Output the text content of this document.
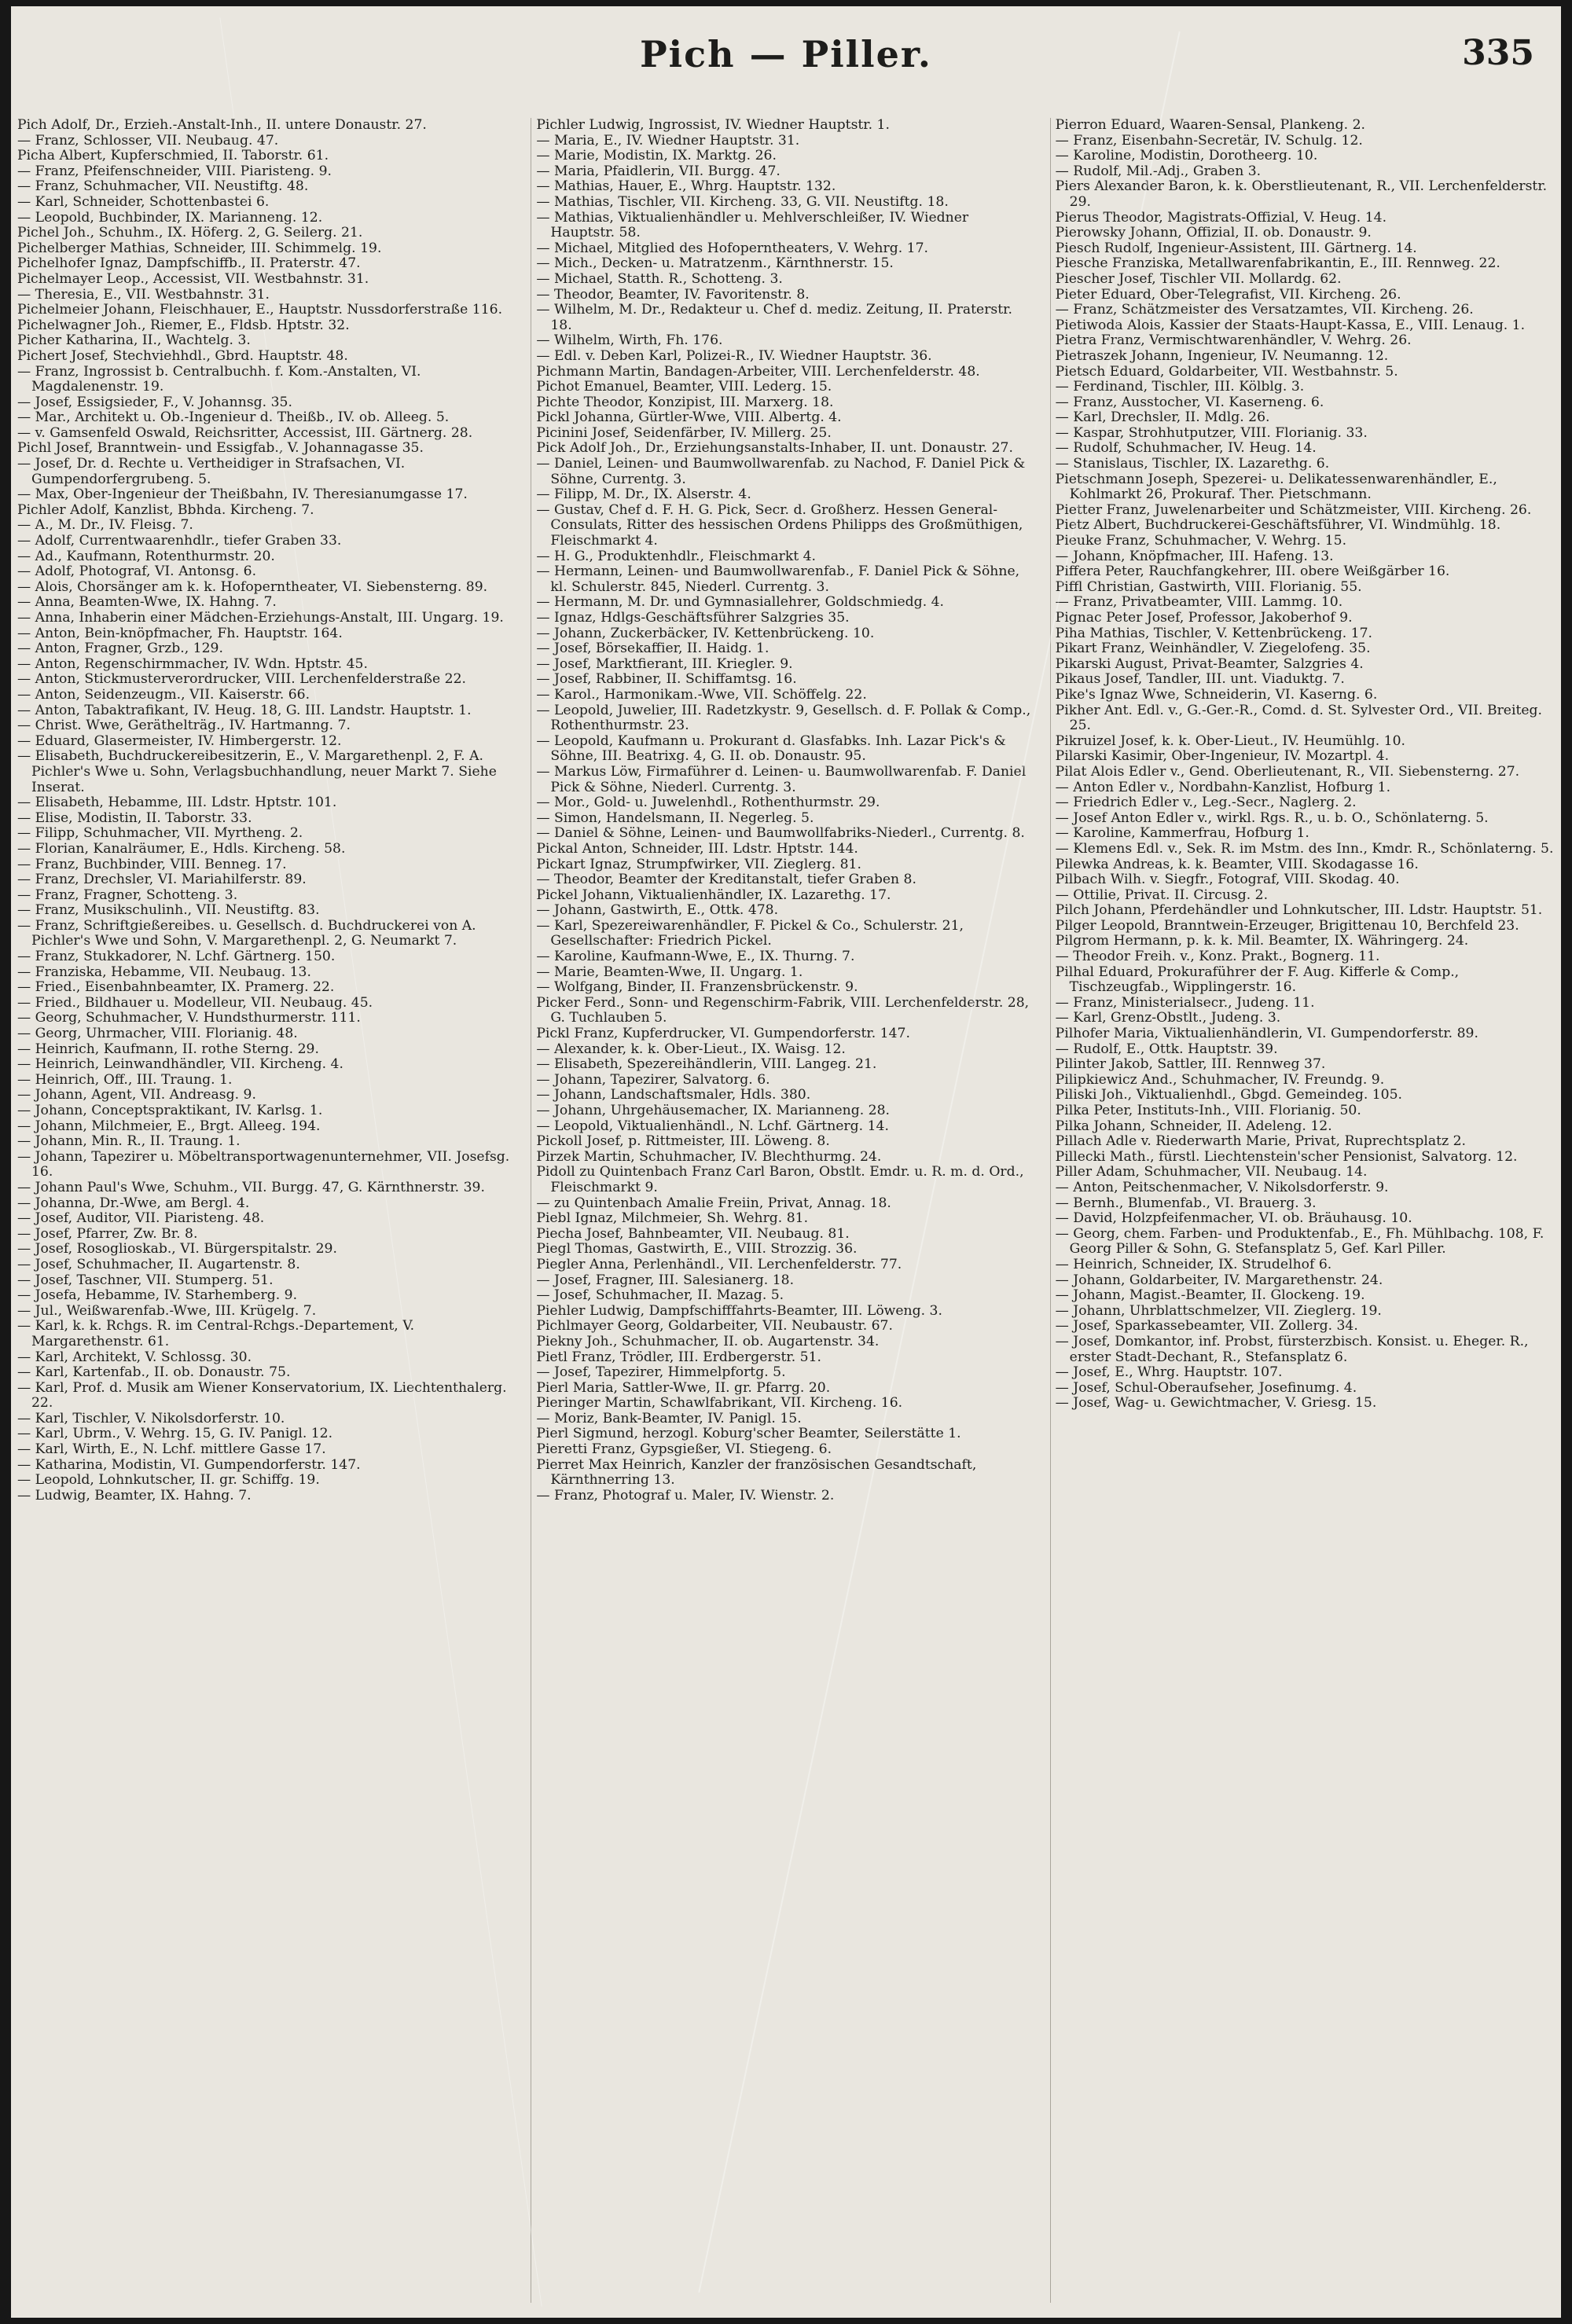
Pich — Piller.	335
Pich Adolf, Dr., Erzieh.-Anstalt-Inh., II. untere Donaustr. 27.
— Franz, Schlosser, VII. Neubaug. 47.
Picha Albert, Kupferschmied, II. Taborstr. 61.
— Franz, Pfeifenschneider, VIII. Piaristeng. 9.
— Franz, Schuhmacher, VII. Neustiftg. 48.
— Karl, Schneider, Schottenbastei 6.
— Leopold, Buchbinder, IX. Marianneng. 12.
Pichel Joh., Schuhm., IX. Höferg. 2, G. Seilerg. 21.
Pichelberger Mathias, Schneider, III. Schimmelg. 19.
Pichelhofer Ignaz, Dampfschiffb., II. Praterstr. 47.
Pichelmayer Leop., Accessist, VII. Westbahnstr. 31.
— Theresia, E., VII. Westbahnstr. 31.
Pichelmeier Johann, Fleischhauer, E., Hauptstr. Nussdorferstraße 116.
Pichelwagner Joh., Riemer, E., Fldsb. Hptstr. 32.
Picher Katharina, II., Wachtelg. 3.
Pichert Josef, Stechviehhdl., Gbrd. Hauptstr. 48.
— Franz, Ingrossist b. Centralbuchh. f. Kom.-Anstalten, VI. Magdalenenstr. 19.
— Josef, Essigsieder, F., V. Johannsg. 35.
— Mar., Architekt u. Ob.-Ingenieur d. Theißb., IV. ob. Alleeg. 5.
— v. Gamsenfeld Oswald, Reichsritter, Accessist, III. Gärtnerg. 28.
Pichl Josef, Branntwein- und Essigfab., V. Johannagasse 35.
— Josef, Dr. d. Rechte u. Vertheidiger in Strafsachen, VI. Gumpendorfergrubeng. 5.
— Max, Ober-Ingenieur der Theißbahn, IV. Theresianumgasse 17.
Pichler Adolf, Kanzlist, Bbhda. Kircheng. 7.
— A., M. Dr., IV. Fleisg. 7.
— Adolf, Currentwaarenhdlr., tiefer Graben 33.
— Ad., Kaufmann, Rotenthurmstr. 20.
— Adolf, Photograf, VI. Antonsg. 6.
— Alois, Chorsänger am k. k. Hofoperntheater, VI. Siebensterng. 89.
— Anna, Beamten-Wwe, IX. Hahng. 7.
— Anna, Inhaberin einer Mädchen-Erziehungs-Anstalt, III. Ungarg. 19.
— Anton, Bein-knöpfmacher, Fh. Hauptstr. 164.
— Anton, Fragner, Grzb., 129.
— Anton, Regenschirmmacher, IV. Wdn. Hptstr. 45.
— Anton, Stickmusterverordrucker, VIII. Lerchenfelderstraße 22.
— Anton, Seidenzeugm., VII. Kaiserstr. 66.
— Anton, Tabaktrafikant, IV. Heug. 18, G. III. Landstr. Hauptstr. 1.
— Christ. Wwe, Geräthelträg., IV. Hartmanng. 7.
— Eduard, Glasermeister, IV. Himbergerstr. 12.
— Elisabeth, Buchdruckereibesitzerin, E., V. Margarethenpl. 2, F. A. Pichler's Wwe u. Sohn, Verlagsbuchhandlung, neuer Markt 7. Siehe Inserat.
— Elisabeth, Hebamme, III. Ldstr. Hptstr. 101.
— Elise, Modistin, II. Taborstr. 33.
— Filipp, Schuhmacher, VII. Myrtheng. 2.
— Florian, Kanalräumer, E., Hdls. Kircheng. 58.
— Franz, Buchbinder, VIII. Benneg. 17.
— Franz, Drechsler, VI. Mariahilferstr. 89.
— Franz, Fragner, Schotteng. 3.
— Franz, Musikschulinh., VII. Neustiftg. 83.
— Franz, Schriftgießereibes. u. Gesellsch. d. Buchdruckerei von A. Pichler's Wwe und Sohn, V. Margarethenpl. 2, G. Neumarkt 7.
— Franz, Stukkadorer, N. Lchf. Gärtnerg. 150.
— Franziska, Hebamme, VII. Neubaug. 13.
— Fried., Eisenbahnbeamter, IX. Pramerg. 22.
— Fried., Bildhauer u. Modelleur, VII. Neubaug. 45.
— Georg, Schuhmacher, V. Hundsthurmerstr. 111.
— Georg, Uhrmacher, VIII. Florianig. 48.
— Heinrich, Kaufmann, II. rothe Sterng. 29.
— Heinrich, Leinwandhändler, VII. Kircheng. 4.
— Heinrich, Off., III. Traung. 1.
— Johann, Agent, VII. Andreasg. 9.
— Johann, Conceptspraktikant, IV. Karlsg. 1.
— Johann, Milchmeier, E., Brgt. Alleeg. 194.
— Johann, Min. R., II. Traung. 1.
— Johann, Tapezirer u. Möbeltransportwagenunternehmer, VII. Josefsg. 16.
— Johann Paul's Wwe, Schuhm., VII. Burgg. 47, G. Kärnthnerstr. 39.
— Johanna, Dr.-Wwe, am Bergl. 4.
— Josef, Auditor, VII. Piaristeng. 48.
— Josef, Pfarrer, Zw. Br. 8.
— Josef, Rosoglioskab., VI. Bürgerspitalstr. 29.
— Josef, Schuhmacher, II. Augartenstr. 8.
— Josef, Taschner, VII. Stumperg. 51.
— Josefa, Hebamme, IV. Starhemberg. 9.
— Jul., Weißwarenfab.-Wwe, III. Krügelg. 7.
— Karl, k. k. Rchgs. R. im Central-Rchgs.-Departement, V. Margarethenstr. 61.
— Karl, Architekt, V. Schlossg. 30.
— Karl, Kartenfab., II. ob. Donaustr. 75.
— Karl, Prof. d. Musik am Wiener Konservatorium, IX. Liechtenthalerg. 22.
— Karl, Tischler, V. Nikolsdorferstr. 10.
— Karl, Ubrm., V. Wehrg. 15, G. IV. Panigl. 12.
— Karl, Wirth, E., N. Lchf. mittlere Gasse 17.
— Katharina, Modistin, VI. Gumpendorferstr. 147.
— Leopold, Lohnkutscher, II. gr. Schiffg. 19.
— Ludwig, Beamter, IX. Hahng. 7.
Pichler Ludwig, Ingrossist, IV. Wiedner Hauptstr. 1.
— Maria, E., IV. Wiedner Hauptstr. 31.
— Marie, Modistin, IX. Marktg. 26.
— Maria, Pfaidlerin, VII. Burgg. 47.
— Mathias, Hauer, E., Whrg. Hauptstr. 132.
— Mathias, Tischler, VII. Kircheng. 33, G. VII. Neustiftg. 18.
— Mathias, Viktualienhändler u. Mehlverschleißer, IV. Wiedner Hauptstr. 58.
— Michael, Mitglied des Hofoperntheaters, V. Wehrg. 17.
— Mich., Decken- u. Matratzenm., Kärnthnerstr. 15.
— Michael, Statth. R., Schotteng. 3.
— Theodor, Beamter, IV. Favoritenstr. 8.
— Wilhelm, M. Dr., Redakteur u. Chef d. mediz. Zeitung, II. Praterstr. 18.
— Wilhelm, Wirth, Fh. 176.
— Edl. v. Deben Karl, Polizei-R., IV. Wiedner Hauptstr. 36.
Pichmann Martin, Bandagen-Arbeiter, VIII. Lerchenfelderstr. 48.
Pichot Emanuel, Beamter, VIII. Lederg. 15.
Pichte Theodor, Konzipist, III. Marxerg. 18.
Pickl Johanna, Gürtler-Wwe, VIII. Albertg. 4.
Picinini Josef, Seidenfärber, IV. Millerg. 25.
Pick Adolf Joh., Dr., Erziehungsanstalts-Inhaber, II. unt. Donaustr. 27.
— Daniel, Leinen- und Baumwollwarenfab. zu Nachod, F. Daniel Pick & Söhne, Currentg. 3.
— Filipp, M. Dr., IX. Alserstr. 4.
— Gustav, Chef d. F. H. G. Pick, Secr. d. Großherz. Hessen General-Consulats, Ritter des hessischen Ordens Philipps des Großmüthigen, Fleischmarkt 4.
— H. G., Produktenhdlr., Fleischmarkt 4.
— Hermann, Leinen- und Baumwollwarenfab., F. Daniel Pick & Söhne, kl. Schulerstr. 845, Niederl. Currentg. 3.
— Hermann, M. Dr. und Gymnasiallehrer, Goldschmiedg. 4.
— Ignaz, Hdlgs-Geschäftsführer Salzgries 35.
— Johann, Zuckerbäcker, IV. Kettenbrückeng. 10.
— Josef, Börsekaffier, II. Haidg. 1.
— Josef, Marktfierant, III. Kriegler. 9.
— Josef, Rabbiner, II. Schiffamtsg. 16.
— Karol., Harmonikam.-Wwe, VII. Schöffelg. 22.
— Leopold, Juwelier, III. Radetzkystr. 9, Gesellsch. d. F. Pollak & Comp., Rothenthurmstr. 23.
— Leopold, Kaufmann u. Prokurant d. Glasfabks. Inh. Lazar Pick's & Söhne, III. Beatrixg. 4, G. II. ob. Donaustr. 95.
— Markus Löw, Firmaführer d. Leinen- u. Baumwollwarenfab. F. Daniel Pick & Söhne, Niederl. Currentg. 3.
— Mor., Gold- u. Juwelenhdl., Rothenthurmstr. 29.
— Simon, Handelsmann, II. Negerleg. 5.
— Daniel & Söhne, Leinen- und Baumwollfabriks-Niederl., Currentg. 8.
Pickal Anton, Schneider, III. Ldstr. Hptstr. 144.
Pickart Ignaz, Strumpfwirker, VII. Zieglerg. 81.
— Theodor, Beamter der Kreditanstalt, tiefer Graben 8.
Pickel Johann, Viktualienhändler, IX. Lazarethg. 17.
— Johann, Gastwirth, E., Ottk. 478.
— Karl, Spezereiwarenhändler, F. Pickel & Co., Schulerstr. 21, Gesellschafter: Friedrich Pickel.
— Karoline, Kaufmann-Wwe, E., IX. Thurng. 7.
— Marie, Beamten-Wwe, II. Ungarg. 1.
— Wolfgang, Binder, II. Franzensbrückenstr. 9.
Picker Ferd., Sonn- und Regenschirm-Fabrik, VIII. Lerchenfelderstr. 28, G. Tuchlauben 5.
Pickl Franz, Kupferdrucker, VI. Gumpendorferstr. 147.
— Alexander, k. k. Ober-Lieut., IX. Waisg. 12.
— Elisabeth, Spezereihändlerin, VIII. Langeg. 21.
— Johann, Tapezirer, Salvatorg. 6.
— Johann, Landschaftsmaler, Hdls. 380.
— Johann, Uhrgehäusemacher, IX. Marianneng. 28.
— Leopold, Viktualienhändl., N. Lchf. Gärtnerg. 14.
Pickoll Josef, p. Rittmeister, III. Löweng. 8.
Pirzek Martin, Schuhmacher, IV. Blechthurmg. 24.
Pidoll zu Quintenbach Franz Carl Baron, Obstlt. Emdr. u. R. m. d. Ord., Fleischmarkt 9.
— zu Quintenbach Amalie Freiin, Privat, Annag. 18.
Piebl Ignaz, Milchmeier, Sh. Wehrg. 81.
Piecha Josef, Bahnbeamter, VII. Neubaug. 81.
Piegl Thomas, Gastwirth, E., VIII. Strozzig. 36.
Piegler Anna, Perlenhändl., VII. Lerchenfelderstr. 77.
— Josef, Fragner, III. Salesianerg. 18.
— Josef, Schuhmacher, II. Mazag. 5.
Piehler Ludwig, Dampfschifffahrts-Beamter, III. Löweng. 3.
Pichlmayer Georg, Goldarbeiter, VII. Neubaustr. 67.
Piekny Joh., Schuhmacher, II. ob. Augartenstr. 34.
Pietl Franz, Trödler, III. Erdbergerstr. 51.
— Josef, Tapezirer, Himmelpfortg. 5.
Pierl Maria, Sattler-Wwe, II. gr. Pfarrg. 20.
Pieringer Martin, Schawlfabrikant, VII. Kircheng. 16.
— Moriz, Bank-Beamter, IV. Panigl. 15.
Pierl Sigmund, herzogl. Koburg'scher Beamter, Seilerstätte 1.
Pieretti Franz, Gypsgießer, VI. Stiegeng. 6.
Pierret Max Heinrich, Kanzler der französischen Gesandtschaft, Kärnthnerring 13.
— Franz, Photograf u. Maler, IV. Wienstr. 2.
Pierron Eduard, Waaren-Sensal, Plankeng. 2.
— Franz, Eisenbahn-Secretär, IV. Schulg. 12.
— Karoline, Modistin, Dorotheerg. 10.
— Rudolf, Mil.-Adj., Graben 3.
Piers Alexander Baron, k. k. Oberstlieutenant, R., VII. Lerchenfelderstr. 29.
Pierus Theodor, Magistrats-Offizial, V. Heug. 14.
Pierowsky Johann, Offizial, II. ob. Donaustr. 9.
Piesch Rudolf, Ingenieur-Assistent, III. Gärtnerg. 14.
Piesche Franziska, Metallwarenfabrikantin, E., III. Rennweg. 22.
Piescher Josef, Tischler VII. Mollardg. 62.
Pieter Eduard, Ober-Telegrafist, VII. Kircheng. 26.
— Franz, Schätzmeister des Versatzamtes, VII. Kircheng. 26.
Pietiwoda Alois, Kassier der Staats-Haupt-Kassa, E., VIII. Lenaug. 1.
Pietra Franz, Vermischtwarenhändler, V. Wehrg. 26.
Pietraszek Johann, Ingenieur, IV. Neumanng. 12.
Pietsch Eduard, Goldarbeiter, VII. Westbahnstr. 5.
— Ferdinand, Tischler, III. Kölblg. 3.
— Franz, Ausstocher, VI. Kaserneng. 6.
— Karl, Drechsler, II. Mdlg. 26.
— Kaspar, Strohhutputzer, VIII. Florianig. 33.
— Rudolf, Schuhmacher, IV. Heug. 14.
— Stanislaus, Tischler, IX. Lazarethg. 6.
Pietschmann Joseph, Spezerei- u. Delikatessenwarenhändler, E., Kohlmarkt 26, Prokuraf. Ther. Pietschmann.
Pietter Franz, Juwelenarbeiter und Schätzmeister, VIII. Kircheng. 26.
Pietz Albert, Buchdruckerei-Geschäftsführer, VI. Windmühlg. 18.
Pieuke Franz, Schuhmacher, V. Wehrg. 15.
— Johann, Knöpfmacher, III. Hafeng. 13.
Piffera Peter, Rauchfangkehrer, III. obere Weißgärber 16.
Piffl Christian, Gastwirth, VIII. Florianig. 55.
— Franz, Privatbeamter, VIII. Lammg. 10.
Pignac Peter Josef, Professor, Jakoberhof 9.
Piha Mathias, Tischler, V. Kettenbrückeng. 17.
Pikart Franz, Weinhändler, V. Ziegelofeng. 35.
Pikarski August, Privat-Beamter, Salzgries 4.
Pikaus Josef, Tandler, III. unt. Viaduktg. 7.
Pike's Ignaz Wwe, Schneiderin, VI. Kaserng. 6.
Pikher Ant. Edl. v., G.-Ger.-R., Comd. d. St. Sylvester Ord., VII. Breiteg. 25.
Pikruizel Josef, k. k. Ober-Lieut., IV. Heumühlg. 10.
Pilarski Kasimir, Ober-Ingenieur, IV. Mozartpl. 4.
Pilat Alois Edler v., Gend. Oberlieutenant, R., VII. Siebensterng. 27.
— Anton Edler v., Nordbahn-Kanzlist, Hofburg 1.
— Friedrich Edler v., Leg.-Secr., Naglerg. 2.
— Josef Anton Edler v., wirkl. Rgs. R., u. b. O., Schönlaterng. 5.
— Karoline, Kammerfrau, Hofburg 1.
— Klemens Edl. v., Sek. R. im Mstm. des Inn., Kmdr. R., Schönlaterng. 5.
Pilewka Andreas, k. k. Beamter, VIII. Skodagasse 16.
Pilbach Wilh. v. Siegfr., Fotograf, VIII. Skodag. 40.
— Ottilie, Privat. II. Circusg. 2.
Pilch Johann, Pferdehändler und Lohnkutscher, III. Ldstr. Hauptstr. 51.
Pilger Leopold, Branntwein-Erzeuger, Brigittenau 10, Berchfeld 23.
Pilgrom Hermann, p. k. k. Mil. Beamter, IX. Währingerg. 24.
— Theodor Freih. v., Konz. Prakt., Bognerg. 11.
Pilhal Eduard, Prokuraführer der F. Aug. Kifferle & Comp., Tischzeugfab., Wipplingerstr. 16.
— Franz, Ministerialsecr., Judeng. 11.
— Karl, Grenz-Obstlt., Judeng. 3.
Pilhofer Maria, Viktualienhändlerin, VI. Gumpendorferstr. 89.
— Rudolf, E., Ottk. Hauptstr. 39.
Pilinter Jakob, Sattler, III. Rennweg 37.
Pilipkiewicz And., Schuhmacher, IV. Freundg. 9.
Piliski Joh., Viktualienhdl., Gbgd. Gemeindeg. 105.
Pilka Peter, Instituts-Inh., VIII. Florianig. 50.
Pilka Johann, Schneider, II. Adeleng. 12.
Pillach Adle v. Riederwarth Marie, Privat, Ruprechtsplatz 2.
Pillecki Math., fürstl. Liechtenstein'scher Pensionist, Salvatorg. 12.
Piller Adam, Schuhmacher, VII. Neubaug. 14.
— Anton, Peitschenmacher, V. Nikolsdorferstr. 9.
— Bernh., Blumenfab., VI. Brauerg. 3.
— David, Holzpfeifenmacher, VI. ob. Bräuhausg. 10.
— Georg, chem. Farben- und Produktenfab., E., Fh. Mühlbachg. 108, F. Georg Piller & Sohn, G. Stefansplatz 5, Gef. Karl Piller.
— Heinrich, Schneider, IX. Strudelhof 6.
— Johann, Goldarbeiter, IV. Margarethenstr. 24.
— Johann, Magist.-Beamter, II. Glockeng. 19.
— Johann, Uhrblattschmelzer, VII. Zieglerg. 19.
— Josef, Sparkassebeamter, VII. Zollerg. 34.
— Josef, Domkantor, inf. Probst, fürsterzbisch. Konsist. u. Eheger. R., erster Stadt-Dechant, R., Stefansplatz 6.
— Josef, E., Whrg. Hauptstr. 107.
— Josef, Schul-Oberaufseher, Josefinumg. 4.
— Josef, Wag- u. Gewichtmacher, V. Griesg. 15.
